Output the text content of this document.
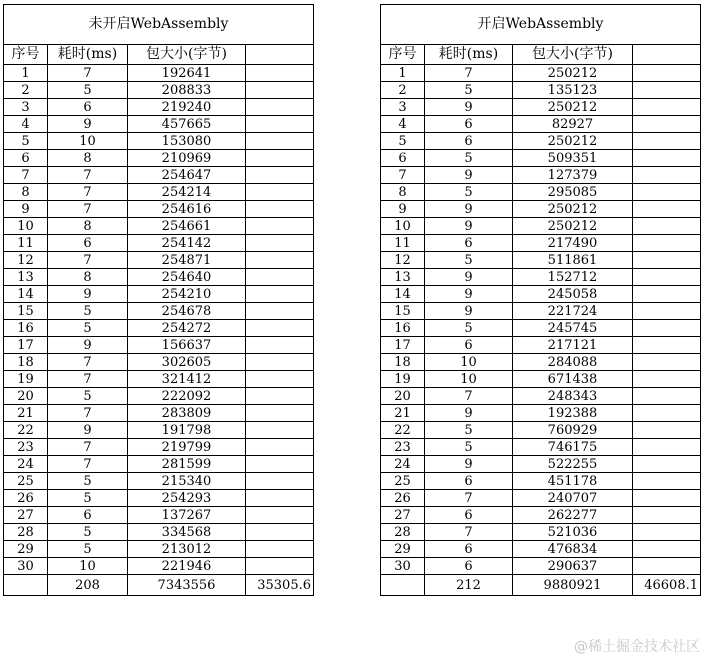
未开启WebAssembly			
序号	耗时(ms)	包大小(字节)	
1	7	192641	
2	5	208833	
3	6	219240	
4	9	457665	
5	10	153080	
6	8	210969	
7	7	254647	
8	7	254214	
9	7	254616	
10	8	254661	
11	6	254142	
12	7	254871	
13	8	254640	
14	9	254210	
15	5	254678	
16	5	254272	
17	9	156637	
18	7	302605	
19	7	321412	
20	5	222092	
21	7	283809	
22	9	191798	
23	7	219799	
24	7	281599	
25	5	215340	
26	5	254293	
27	6	137267	
28	5	334568	
29	5	213012	
30	10	221946	
	208	7343556	35305.6
开启WebAssembly			
序号	耗时(ms)	包大小(字节)	
1	7	250212	
2	5	135123	
3	9	250212	
4	6	82927	
5	6	250212	
6	5	509351	
7	9	127379	
8	5	295085	
9	9	250212	
10	9	250212	
11	6	217490	
12	5	511861	
13	9	152712	
14	9	245058	
15	9	221724	
16	5	245745	
17	6	217121	
18	10	284088	
19	10	671438	
20	7	248343	
21	9	192388	
22	5	760929	
23	5	746175	
24	9	522255	
25	6	451178	
26	7	240707	
27	6	262277	
28	7	521036	
29	6	476834	
30	6	290637	
	212	9880921	46608.1
@稀土掘金技术社区
